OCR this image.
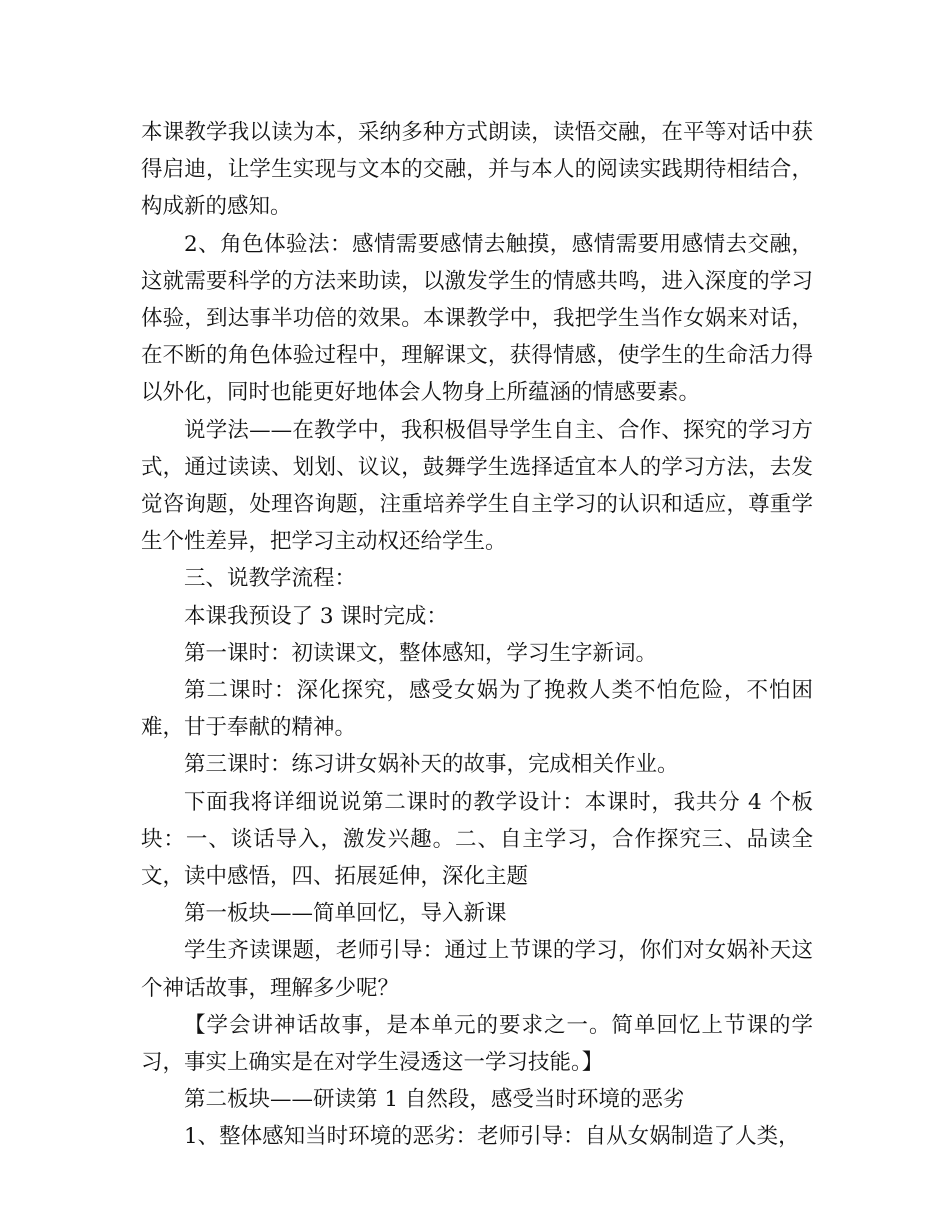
本课教学我以读为本，采纳多种方式朗读，读悟交融，在平等对话中获得启迪，让学生实现与文本的交融，并与本人的阅读实践期待相结合，构成新的感知。

2、角色体验法：感情需要感情去触摸，感情需要用感情去交融，这就需要科学的方法来助读，以激发学生的情感共鸣，进入深度的学习体验，到达事半功倍的效果。本课教学中，我把学生当作女娲来对话，在不断的角色体验过程中，理解课文，获得情感，使学生的生命活力得以外化，同时也能更好地体会人物身上所蕴涵的情感要素。

说学法——在教学中，我积极倡导学生自主、合作、探究的学习方式，通过读读、划划、议议，鼓舞学生选择适宜本人的学习方法，去发觉咨询题，处理咨询题，注重培养学生自主学习的认识和适应，尊重学生个性差异，把学习主动权还给学生。

三、说教学流程：

本课我预设了 3 课时完成：

第一课时：初读课文，整体感知，学习生字新词。

第二课时：深化探究，感受女娲为了挽救人类不怕危险，不怕困难，甘于奉献的精神。

第三课时：练习讲女娲补天的故事，完成相关作业。

下面我将详细说说第二课时的教学设计：本课时，我共分 4 个板块：一、谈话导入，激发兴趣。二、自主学习，合作探究三、品读全文，读中感悟，四、拓展延伸，深化主题

第一板块——简单回忆，导入新课

学生齐读课题，老师引导：通过上节课的学习，你们对女娲补天这个神话故事，理解多少呢？

【学会讲神话故事，是本单元的要求之一。简单回忆上节课的学习，事实上确实是在对学生浸透这一学习技能。】

第二板块——研读第 1 自然段，感受当时环境的恶劣

1、整体感知当时环境的恶劣：老师引导：自从女娲制造了人类，
